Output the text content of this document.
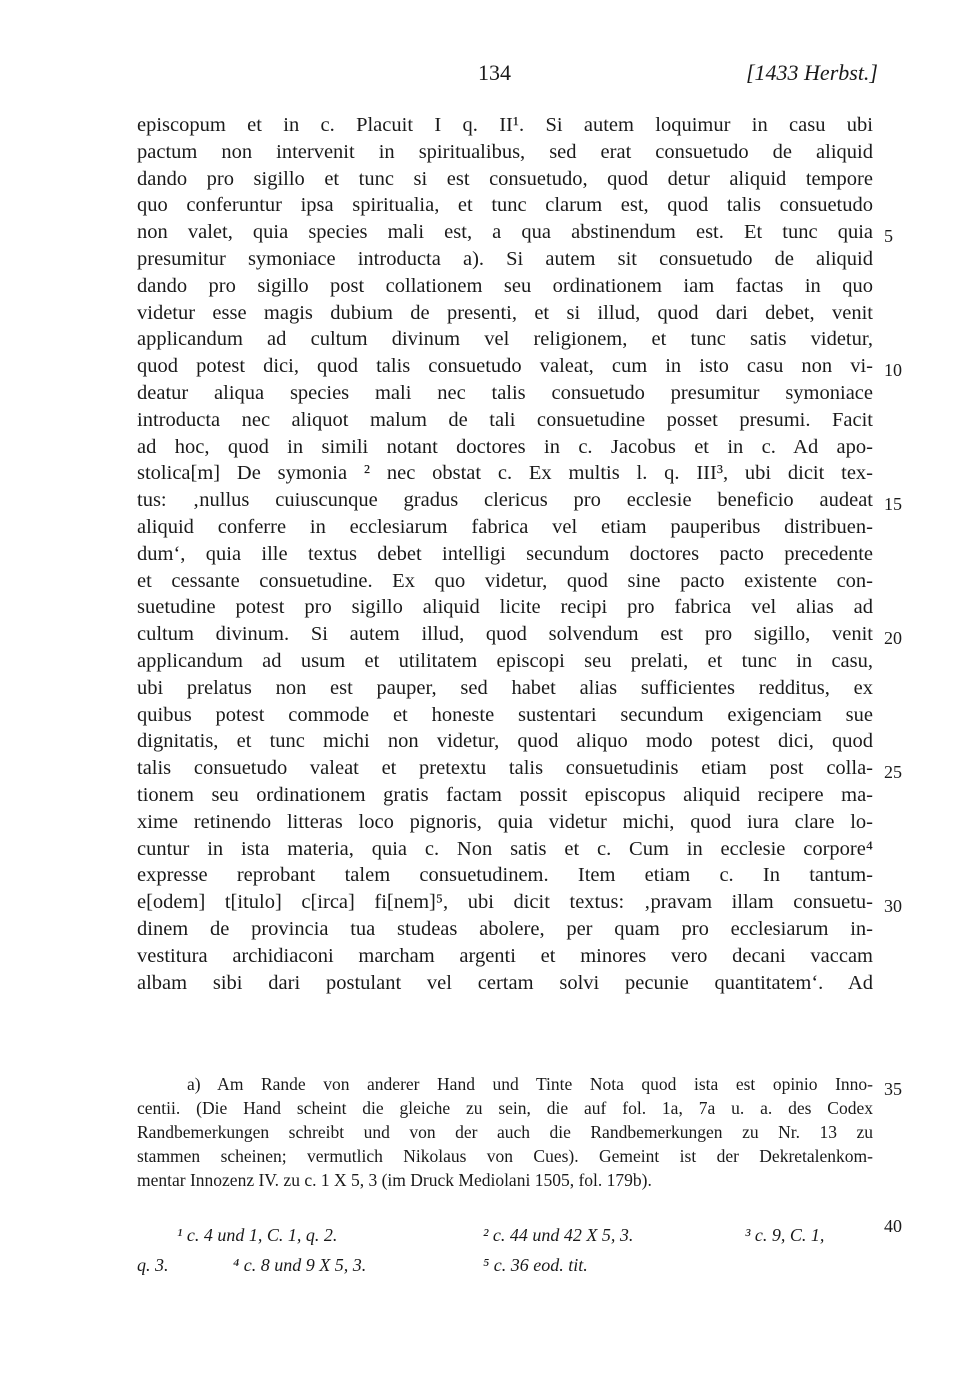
134	[1433 Herbst.]
episcopum et in c. Placuit I q. II¹. Si autem loquimur in casu ubi
pactum non intervenit in spiritualibus, sed erat consuetudo de aliquid
dando pro sigillo et tunc si est consuetudo, quod detur aliquid tempore
quo conferuntur ipsa spiritualia, et tunc clarum est, quod talis consuetudo
non valet, quia species mali est, a qua abstinendum est. Et tunc quia
presumitur symoniace introducta a). Si autem sit consuetudo de aliquid
dando pro sigillo post collationem seu ordinationem iam factas in quo
videtur esse magis dubium de presenti, et si illud, quod dari debet, venit
applicandum ad cultum divinum vel religionem, et tunc satis videtur,
quod potest dici, quod talis consuetudo valeat, cum in isto casu non vi-
deatur aliqua species mali nec talis consuetudo presumitur symoniace
introducta nec aliquot malum de tali consuetudine posset presumi. Facit
ad hoc, quod in simili notant doctores in c. Jacobus et in c. Ad apo-
stolica[m] De symonia ² nec obstat c. Ex multis l. q. III³, ubi dicit tex-
tus: ‚nullus cuiuscunque gradus clericus pro ecclesie beneficio audeat
aliquid conferre in ecclesiarum fabrica vel etiam pauperibus distribuen-
dum‘, quia ille textus debet intelligi secundum doctores pacto precedente
et cessante consuetudine. Ex quo videtur, quod sine pacto existente con-
suetudine potest pro sigillo aliquid licite recipi pro fabrica vel alias ad
cultum divinum. Si autem illud, quod solvendum est pro sigillo, venit
applicandum ad usum et utilitatem episcopi seu prelati, et tunc in casu,
ubi prelatus non est pauper, sed habet alias sufficientes redditus, ex
quibus potest commode et honeste sustentari secundum exigenciam sue
dignitatis, et tunc michi non videtur, quod aliquo modo potest dici, quod
talis consuetudo valeat et pretextu talis consuetudinis etiam post colla-
tionem seu ordinationem gratis factam possit episcopus aliquid recipere ma-
xime retinendo litteras loco pignoris, quia videtur michi, quod iura clare lo-
cuntur in ista materia, quia c. Non satis et c. Cum in ecclesie corpore⁴
expresse reprobant talem consuetudinem. Item etiam c. In tantum-
e[odem] t[itulo] c[irca] fi[nem]⁵, ubi dicit textus: ‚pravam illam consuetu-
dinem de provincia tua studeas abolere, per quam pro ecclesiarum in-
vestitura archidiaconi marcham argenti et minores vero decani vaccam
albam sibi dari postulant vel certam solvi pecunie quantitatem‘. Ad
5
10
15
20
25
30
35
40
a) Am Rande von anderer Hand und Tinte Nota quod ista est opinio Inno-
centii. (Die Hand scheint die gleiche zu sein, die auf fol. 1a, 7a u. a. des Codex
Randbemerkungen schreibt und von der auch die Randbemerkungen zu Nr. 13 zu
stammen scheinen; vermutlich Nikolaus von Cues). Gemeint ist der Dekretalenkom-
mentar Innozenz IV. zu c. 1 X 5, 3 (im Druck Mediolani 1505, fol. 179b).
¹ c. 4 und 1, C. 1, q. 2.	² c. 44 und 42 X 5, 3.	³ c. 9, C. 1,
q. 3.	⁴ c. 8 und 9 X 5, 3.	⁵ c. 36 eod. tit.
